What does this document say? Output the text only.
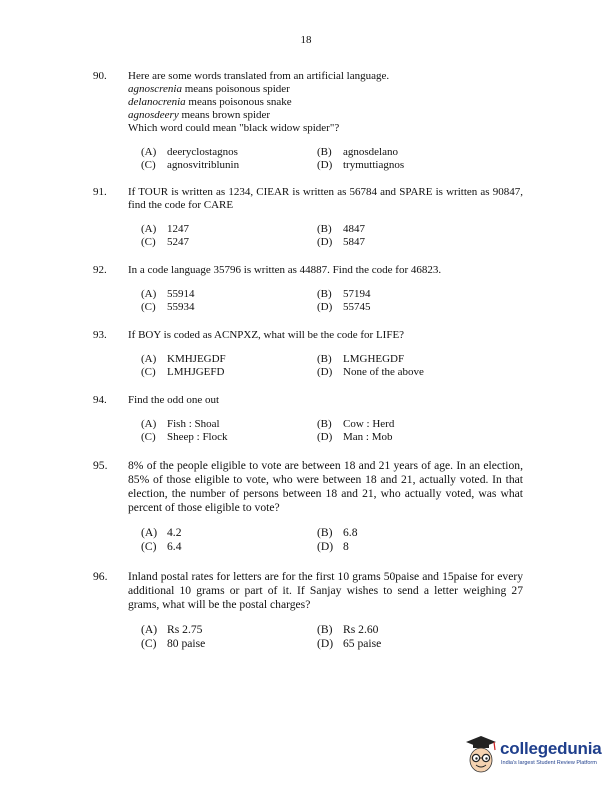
18
90. Here are some words translated from an artificial language.
agnoscrenia means poisonous spider
delanocrenia means poisonous snake
agnosdeery means brown spider
Which word could mean "black widow spider"?
(A) deeryclostagnos	(B) agnosdelano
(C) agnosvitriblunin	(D) trymuttiagnos
91. If TOUR is written as 1234, CIEAR is written as 56784 and SPARE is written as 90847, find the code for CARE
(A) 1247	(B) 4847
(C) 5247	(D) 5847
92. In a code language 35796 is written as 44887. Find the code for 46823.
(A) 55914	(B) 57194
(C) 55934	(D) 55745
93. If BOY is coded as ACNPXZ, what will be the code for LIFE?
(A) KMHJEGDF	(B) LMGHEGDF
(C) LMHJGEFD	(D) None of the above
94. Find the odd one out
(A) Fish : Shoal	(B) Cow : Herd
(C) Sheep : Flock	(D) Man : Mob
95. 8% of the people eligible to vote are between 18 and 21 years of age. In an election, 85% of those eligible to vote, who were between 18 and 21, actually voted. In that election, the number of persons between 18 and 21, who actually voted, was what percent of those eligible to vote?
(A) 4.2	(B) 6.8
(C) 6.4	(D) 8
96. Inland postal rates for letters are for the first 10 grams 50paise and 15paise for every additional 10 grams or part of it. If Sanjay wishes to send a letter weighing 27 grams, what will be the postal charges?
(A) Rs 2.75	(B) Rs 2.60
(C) 80 paise	(D) 65 paise
collegedunia
India's largest Student Review Platform
